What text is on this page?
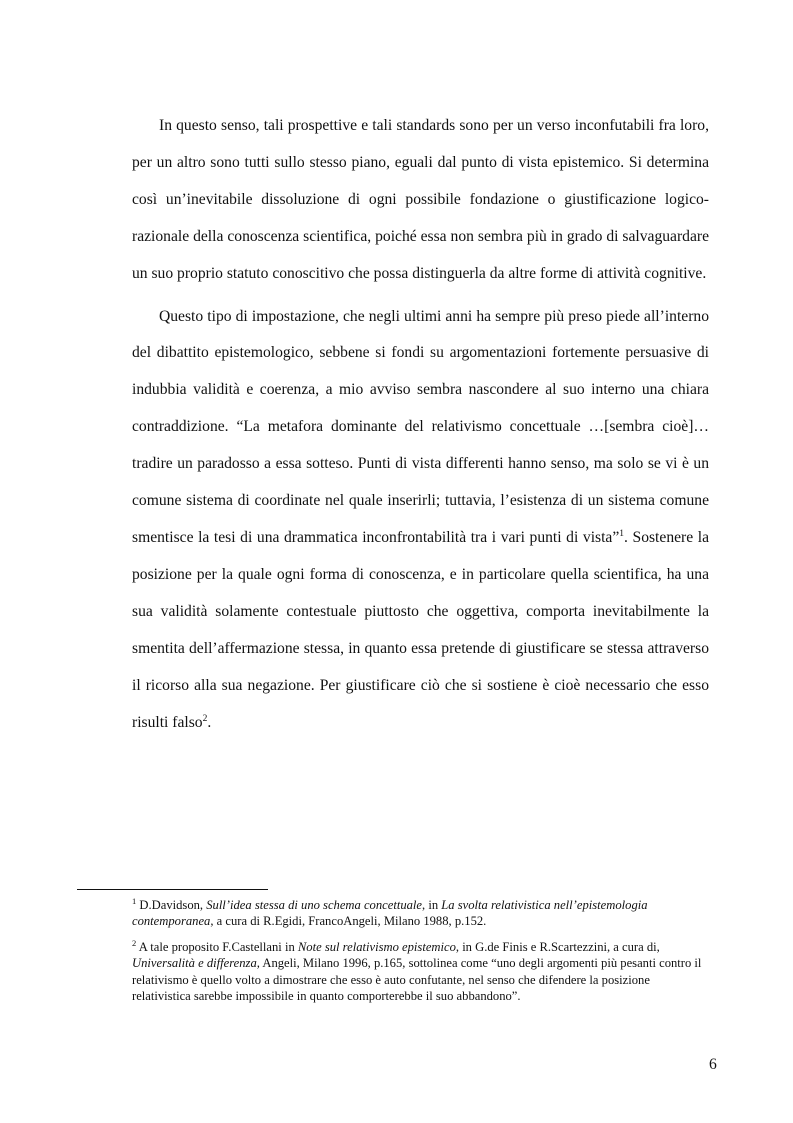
In questo senso, tali prospettive e tali standards sono per un verso inconfutabili fra loro, per un altro sono tutti sullo stesso piano, eguali dal punto di vista epistemico. Si determina così un’inevitabile dissoluzione di ogni possibile fondazione o giustificazione logico-razionale della conoscenza scientifica, poiché essa non sembra più in grado di salvaguardare un suo proprio statuto conoscitivo che possa distinguerla da altre forme di attività cognitive.

Questo tipo di impostazione, che negli ultimi anni ha sempre più preso piede all’interno del dibattito epistemologico, sebbene si fondi su argomentazioni fortemente persuasive di indubbia validità e coerenza, a mio avviso sembra nascondere al suo interno una chiara contraddizione. “La metafora dominante del relativismo concettuale …[sembra cioè]… tradire un paradosso a essa sotteso. Punti di vista differenti hanno senso, ma solo se vi è un comune sistema di coordinate nel quale inserirli; tuttavia, l’esistenza di un sistema comune smentisce la tesi di una drammatica inconfrontabilità tra i vari punti di vista”$^1$. Sostenere la posizione per la quale ogni forma di conoscenza, e in particolare quella scientifica, ha una sua validità solamente contestuale piuttosto che oggettiva, comporta inevitabilmente la smentita dell’affermazione stessa, in quanto essa pretende di giustificare se stessa attraverso il ricorso alla sua negazione. Per giustificare ciò che si sostiene è cioè necessario che esso risulti falso$^2$.

$^1$ D.Davidson, Sull’idea stessa di uno schema concettuale, in La svolta relativistica nell’epistemologia contemporanea, a cura di R.Egidi, FrancoAngeli, Milano 1988, p.152.

$^2$ A tale proposito F.Castellani in Note sul relativismo epistemico, in G.de Finis e R.Scartezzini, a cura di, Universalità e differenza, Angeli, Milano 1996, p.165, sottolinea come “uno degli argomenti più pesanti contro il relativismo è quello volto a dimostrare che esso è auto confutante, nel senso che difendere la posizione relativistica sarebbe impossibile in quanto comporterebbe il suo abbandono”.

6
